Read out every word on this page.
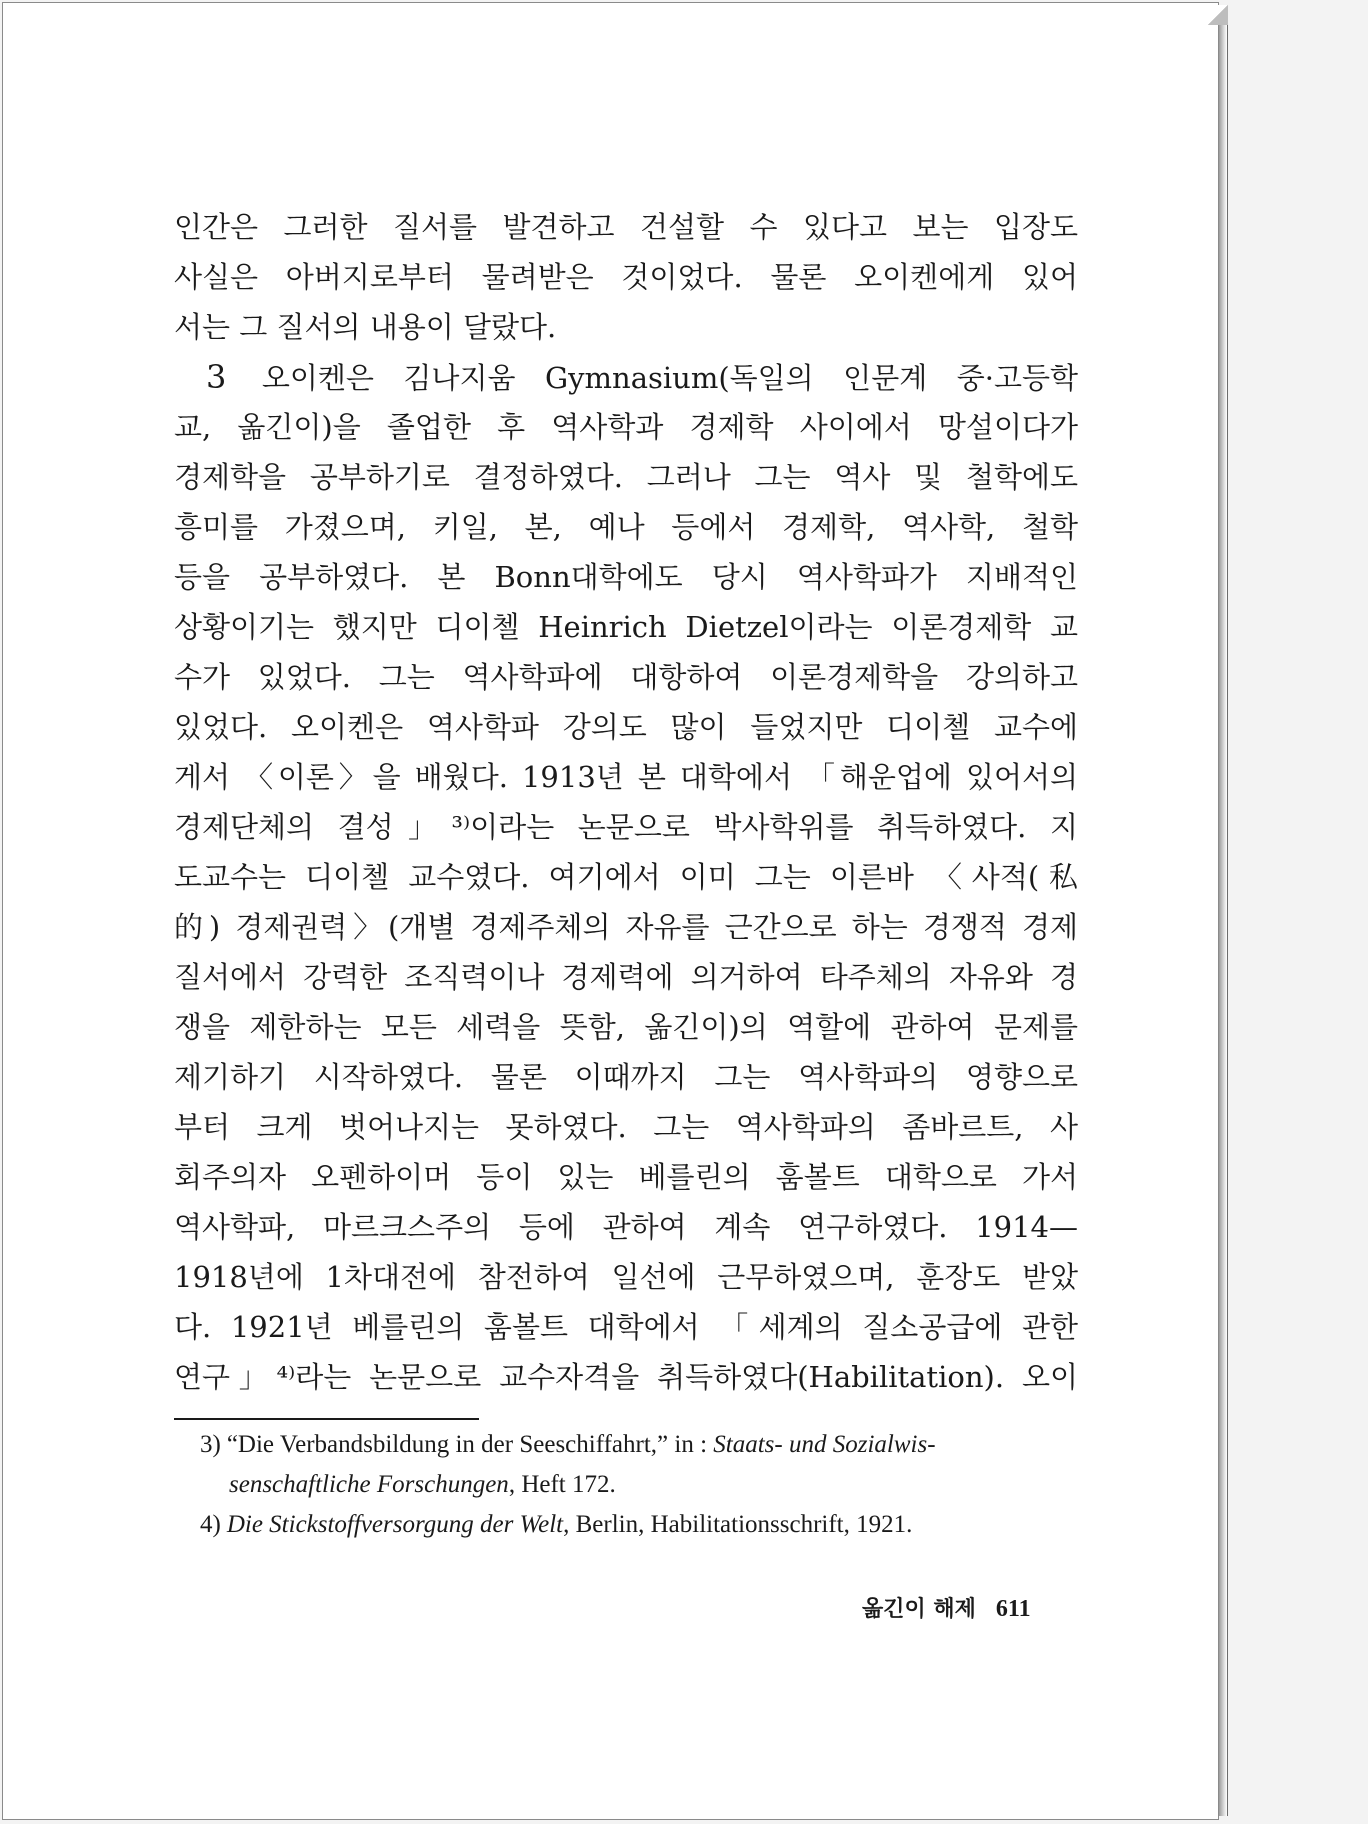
인간은 그러한 질서를 발견하고 건설할 수 있다고 보는 입장도
사실은 아버지로부터 물려받은 것이었다. 물론 오이켄에게 있어
서는 그 질서의 내용이 달랐다.
3 오이켄은 김나지움 Gymnasium(독일의 인문계 중·고등학
교, 옮긴이)을 졸업한 후 역사학과 경제학 사이에서 망설이다가
경제학을 공부하기로 결정하였다. 그러나 그는 역사 및 철학에도
흥미를 가졌으며, 키일, 본, 예나 등에서 경제학, 역사학, 철학
등을 공부하였다. 본 Bonn대학에도 당시 역사학파가 지배적인
상황이기는 했지만 디이첼 Heinrich Dietzel이라는 이론경제학 교
수가 있었다. 그는 역사학파에 대항하여 이론경제학을 강의하고
있었다. 오이켄은 역사학파 강의도 많이 들었지만 디이첼 교수에
게서 〈이론〉을 배웠다. 1913년 본 대학에서 「해운업에 있어서의
경제단체의 결성」³⁾이라는 논문으로 박사학위를 취득하였다. 지
도교수는 디이첼 교수였다. 여기에서 이미 그는 이른바 〈사적(私
的) 경제권력〉(개별 경제주체의 자유를 근간으로 하는 경쟁적 경제
질서에서 강력한 조직력이나 경제력에 의거하여 타주체의 자유와 경
쟁을 제한하는 모든 세력을 뜻함, 옮긴이)의 역할에 관하여 문제를
제기하기 시작하였다. 물론 이때까지 그는 역사학파의 영향으로
부터 크게 벗어나지는 못하였다. 그는 역사학파의 좀바르트, 사
회주의자 오펜하이머 등이 있는 베를린의 훔볼트 대학으로 가서
역사학파, 마르크스주의 등에 관하여 계속 연구하였다. 1914—
1918년에 1차대전에 참전하여 일선에 근무하였으며, 훈장도 받았
다. 1921년 베를린의 훔볼트 대학에서 「세계의 질소공급에 관한
연구」⁴⁾라는 논문으로 교수자격을 취득하였다(Habilitation). 오이
3) “Die Verbandsbildung in der Seeschiffahrt,” in : Staats- und Sozialwis-
senschaftliche Forschungen, Heft 172.
4) Die Stickstoffversorgung der Welt, Berlin, Habilitationsschrift, 1921.
옮긴이 해제 611
